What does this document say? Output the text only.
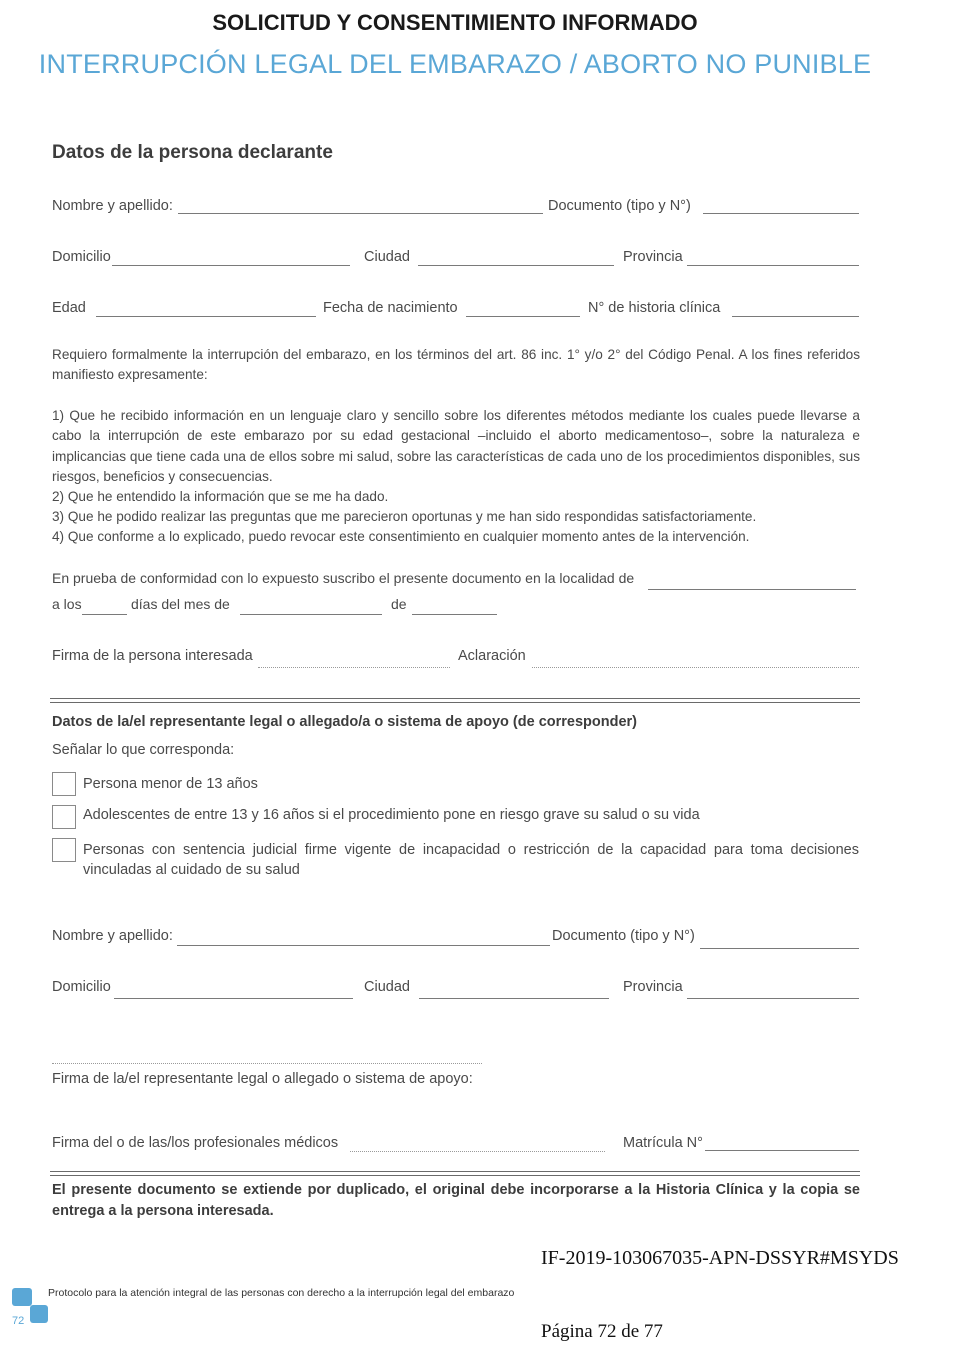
SOLICITUD Y CONSENTIMIENTO INFORMADO
INTERRUPCIÓN LEGAL DEL EMBARAZO / ABORTO NO PUNIBLE
Datos de la persona declarante
Nombre y apellido:	Documento (tipo y N°)
Domicilio	Ciudad	Provincia
Edad	Fecha de nacimiento	N° de historia clínica
Requiero formalmente la interrupción del embarazo, en los términos del art. 86 inc. 1° y/o 2° del Código Penal. A los fines referidos manifiesto expresamente:
1) Que he recibido información en un lenguaje claro y sencillo sobre los diferentes métodos mediante los cuales puede llevarse a cabo la interrupción de este embarazo por su edad gestacional –incluido el aborto medicamentoso–, sobre la naturaleza e implicancias que tiene cada una de ellos sobre mi salud, sobre las características de cada uno de los procedimientos disponibles, sus riesgos, beneficios y consecuencias.
2) Que he entendido la información que se me ha dado.
3) Que he podido realizar las preguntas que me parecieron oportunas y me han sido respondidas satisfactoriamente.
4) Que conforme a lo explicado, puedo revocar este consentimiento en cualquier momento antes de la intervención.
En prueba de conformidad con lo expuesto suscribo el presente documento en la localidad de
a los	días del mes de	de
Firma de la persona interesada	Aclaración
Datos de la/el representante legal o allegado/a o sistema de apoyo (de corresponder)
Señalar lo que corresponda:
Persona menor de 13 años
Adolescentes de entre 13 y 16 años si el procedimiento pone en riesgo grave su salud o su vida
Personas con sentencia judicial firme vigente de incapacidad o restricción de la capacidad para toma decisiones vinculadas al cuidado de su salud
Nombre y apellido:	Documento (tipo y N°)
Domicilio	Ciudad	Provincia
Firma de la/el representante legal o allegado o sistema de apoyo:
Firma del o de las/los profesionales médicos	Matrícula N°
El presente documento se extiende por duplicado, el original debe incorporarse a la Historia Clínica y la copia se entrega a la persona interesada.
IF-2019-103067035-APN-DSSYR#MSYDS
Protocolo para la atención integral de las personas con derecho a la interrupción legal del embarazo
72	Página 72 de 77
